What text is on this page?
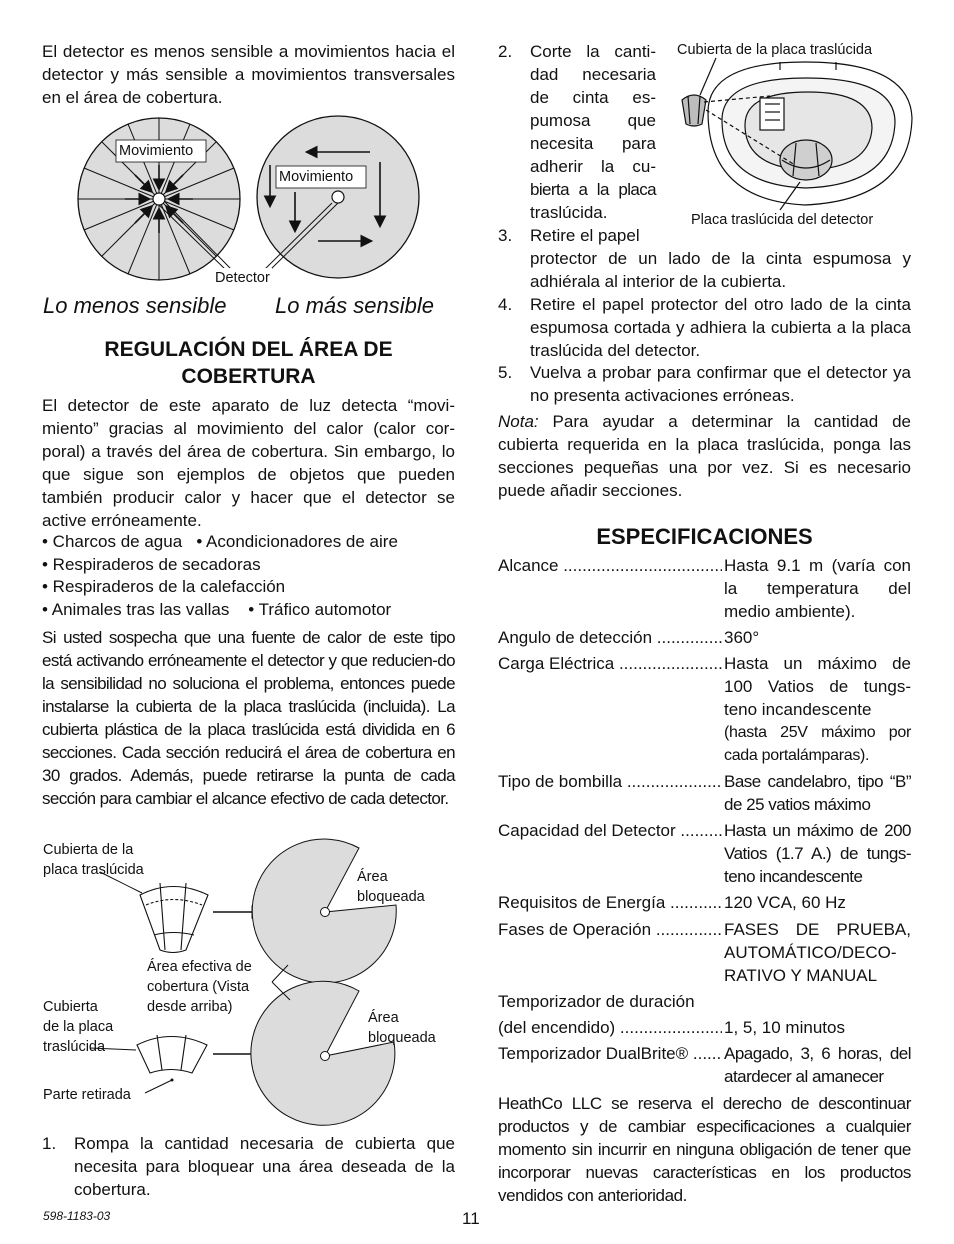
El detector es menos sensible a movimientos hacia el detector y más sensible a movimientos transversales en el área de cobertura.

Movimiento
Movimiento
Detector
Lo menos sensible Lo más sensible

REGULACIÓN DEL ÁREA DE

COBERTURA

El detector de este aparato de luz detecta “movi-miento” gracias al movimiento del calor (calor cor-poral) a través del área de cobertura. Sin embargo, lo que sigue son ejemplos de objetos que pueden también producir calor y hacer que el detector se active erróneamente.

• Charcos de agua   • Acondicionadores de aire
• Respiraderos de secadoras
• Respiraderos de la calefacción
• Animales tras las vallas    • Tráfico automotor

Si usted sospecha que una fuente de calor de este tipo está activando erróneamente el detector y que reducien-do la sensibilidad no soluciona el problema, entonces puede instalarse la cubierta de la placa traslúcida (incluida). La cubierta plástica de la placa traslúcida está dividida en 6 secciones. Cada sección reducirá el área de cobertura en 30 grados. Además, puede retirarse la punta de cada sección para cambiar el alcance efectivo de cada detector.

Cubierta de la
placa traslúcida	Área
bloqueada
Área efectiva de
cobertura (Vista
desde arriba)
Cubierta
de la placa
traslúcida
Área
bloqueada
Parte retirada
1. Rompa la cantidad necesaria de cubierta que necesita para bloquear una área deseada de la cobertura.
2. Corte la canti-
dad necesaria
de cinta es-
pumosa que
necesita para
adherir la cu-
bierta a la placa
traslúcida.
Cubierta de la placa traslúcida
Placa traslúcida del detector
3. Retire el papel

protector de un lado de la cinta espumosa y adhiérala al interior de la cubierta.

4. Retire el papel protector del otro lado de la cinta espumosa cortada y adhiera la cubierta a la placa traslúcida del detector.

5. Vuelva a probar para confirmar que el detector ya no presenta activaciones erróneas.

Nota: Para ayudar a determinar la cantidad de cubierta requerida en la placa traslúcida, ponga las secciones pequeñas una por vez. Si es necesario puede añadir secciones.

ESPECIFICACIONES

Alcance .....	Hasta 9.1 m (varía con la temperatura del medio ambiente).
Angulo de detección .....	360°
Carga Eléctrica .....	Hasta un máximo de 100 Vatios de tungs-teno incandescente
(hasta 25V máximo por cada portalámparas).
Tipo de bombilla .....	Base candelabro, tipo “B” de 25 vatios máximo
Capacidad del Detector .....	Hasta un máximo de 200 Vatios (1.7 A.) de tungs-teno incandescente
Requisitos de Energía .....	120 VCA, 60 Hz
Fases de Operación .....	FASES DE PRUEBA, AUTOMÁTICO/DECO-RATIVO Y MANUAL
Temporizador de duración
(del encendido) .....	1, 5, 10 minutos
Temporizador DualBrite® .....	Apagado, 3, 6 horas, del atardecer al amanecer

HeathCo LLC se reserva el derecho de descontinuar productos y de cambiar especificaciones a cualquier momento sin incurrir en ninguna obligación de tener que incorporar nuevas características en los productos vendidos con anterioridad.

598-1183-03	11
